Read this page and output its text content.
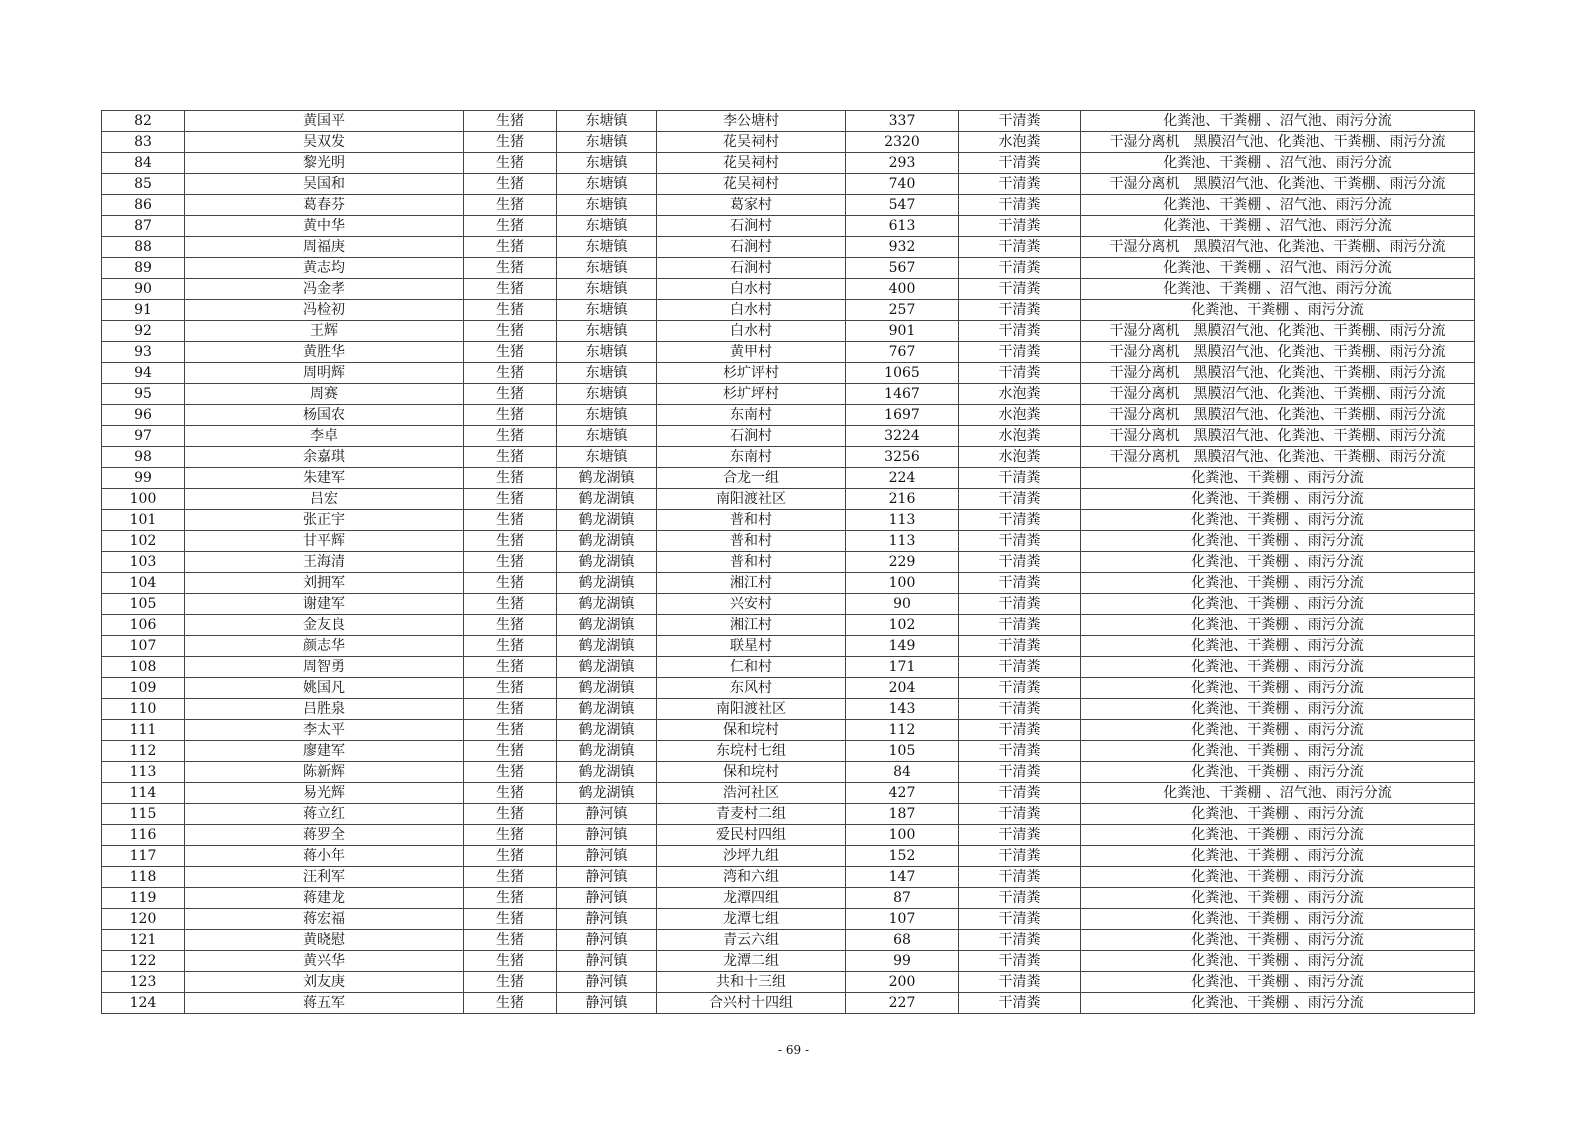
82	黄国平	生猪	东塘镇	李公塘村	337	干清粪	化粪池、干粪棚 、沼气池、雨污分流
83	吴双发	生猪	东塘镇	花吴祠村	2320	水泡粪	干湿分离机　黑膜沼气池、化粪池、干粪棚、雨污分流
84	黎光明	生猪	东塘镇	花吴祠村	293	干清粪	化粪池、干粪棚 、沼气池、雨污分流
85	吴国和	生猪	东塘镇	花吴祠村	740	干清粪	干湿分离机　黑膜沼气池、化粪池、干粪棚、雨污分流
86	葛春芬	生猪	东塘镇	葛家村	547	干清粪	化粪池、干粪棚 、沼气池、雨污分流
87	黄中华	生猪	东塘镇	石涧村	613	干清粪	化粪池、干粪棚 、沼气池、雨污分流
88	周福庚	生猪	东塘镇	石涧村	932	干清粪	干湿分离机　黑膜沼气池、化粪池、干粪棚、雨污分流
89	黄志均	生猪	东塘镇	石涧村	567	干清粪	化粪池、干粪棚 、沼气池、雨污分流
90	冯金孝	生猪	东塘镇	白水村	400	干清粪	化粪池、干粪棚 、沼气池、雨污分流
91	冯检初	生猪	东塘镇	白水村	257	干清粪	化粪池、干粪棚 、雨污分流
92	王辉	生猪	东塘镇	白水村	901	干清粪	干湿分离机　黑膜沼气池、化粪池、干粪棚、雨污分流
93	黄胜华	生猪	东塘镇	黄甲村	767	干清粪	干湿分离机　黑膜沼气池、化粪池、干粪棚、雨污分流
94	周明辉	生猪	东塘镇	杉圹评村	1065	干清粪	干湿分离机　黑膜沼气池、化粪池、干粪棚、雨污分流
95	周赛	生猪	东塘镇	杉圹坪村	1467	水泡粪	干湿分离机　黑膜沼气池、化粪池、干粪棚、雨污分流
96	杨国农	生猪	东塘镇	东南村	1697	水泡粪	干湿分离机　黑膜沼气池、化粪池、干粪棚、雨污分流
97	李卓	生猪	东塘镇	石涧村	3224	水泡粪	干湿分离机　黑膜沼气池、化粪池、干粪棚、雨污分流
98	余嘉琪	生猪	东塘镇	东南村	3256	水泡粪	干湿分离机　黑膜沼气池、化粪池、干粪棚、雨污分流
99	朱建军	生猪	鹤龙湖镇	合龙一组	224	干清粪	化粪池、干粪棚 、雨污分流
100	吕宏	生猪	鹤龙湖镇	南阳渡社区	216	干清粪	化粪池、干粪棚 、雨污分流
101	张正宇	生猪	鹤龙湖镇	普和村	113	干清粪	化粪池、干粪棚 、雨污分流
102	甘平辉	生猪	鹤龙湖镇	普和村	113	干清粪	化粪池、干粪棚 、雨污分流
103	王海清	生猪	鹤龙湖镇	普和村	229	干清粪	化粪池、干粪棚 、雨污分流
104	刘拥军	生猪	鹤龙湖镇	湘江村	100	干清粪	化粪池、干粪棚 、雨污分流
105	谢建军	生猪	鹤龙湖镇	兴安村	90	干清粪	化粪池、干粪棚 、雨污分流
106	金友良	生猪	鹤龙湖镇	湘江村	102	干清粪	化粪池、干粪棚 、雨污分流
107	颜志华	生猪	鹤龙湖镇	联星村	149	干清粪	化粪池、干粪棚 、雨污分流
108	周智勇	生猪	鹤龙湖镇	仁和村	171	干清粪	化粪池、干粪棚 、雨污分流
109	姚国凡	生猪	鹤龙湖镇	东风村	204	干清粪	化粪池、干粪棚 、雨污分流
110	吕胜泉	生猪	鹤龙湖镇	南阳渡社区	143	干清粪	化粪池、干粪棚 、雨污分流
111	李太平	生猪	鹤龙湖镇	保和垸村	112	干清粪	化粪池、干粪棚 、雨污分流
112	廖建军	生猪	鹤龙湖镇	东垸村七组	105	干清粪	化粪池、干粪棚 、雨污分流
113	陈新辉	生猪	鹤龙湖镇	保和垸村	84	干清粪	化粪池、干粪棚 、雨污分流
114	易光辉	生猪	鹤龙湖镇	浩河社区	427	干清粪	化粪池、干粪棚 、沼气池、雨污分流
115	蒋立红	生猪	静河镇	青麦村二组	187	干清粪	化粪池、干粪棚 、雨污分流
116	蒋罗全	生猪	静河镇	爱民村四组	100	干清粪	化粪池、干粪棚 、雨污分流
117	蒋小年	生猪	静河镇	沙坪九组	152	干清粪	化粪池、干粪棚 、雨污分流
118	汪利军	生猪	静河镇	湾和六组	147	干清粪	化粪池、干粪棚 、雨污分流
119	蒋建龙	生猪	静河镇	龙潭四组	87	干清粪	化粪池、干粪棚 、雨污分流
120	蒋宏福	生猪	静河镇	龙潭七组	107	干清粪	化粪池、干粪棚 、雨污分流
121	黄晓慰	生猪	静河镇	青云六组	68	干清粪	化粪池、干粪棚 、雨污分流
122	黄兴华	生猪	静河镇	龙潭二组	99	干清粪	化粪池、干粪棚 、雨污分流
123	刘友庚	生猪	静河镇	共和十三组	200	干清粪	化粪池、干粪棚 、雨污分流
124	蒋五军	生猪	静河镇	合兴村十四组	227	干清粪	化粪池、干粪棚 、雨污分流
- 69 -
